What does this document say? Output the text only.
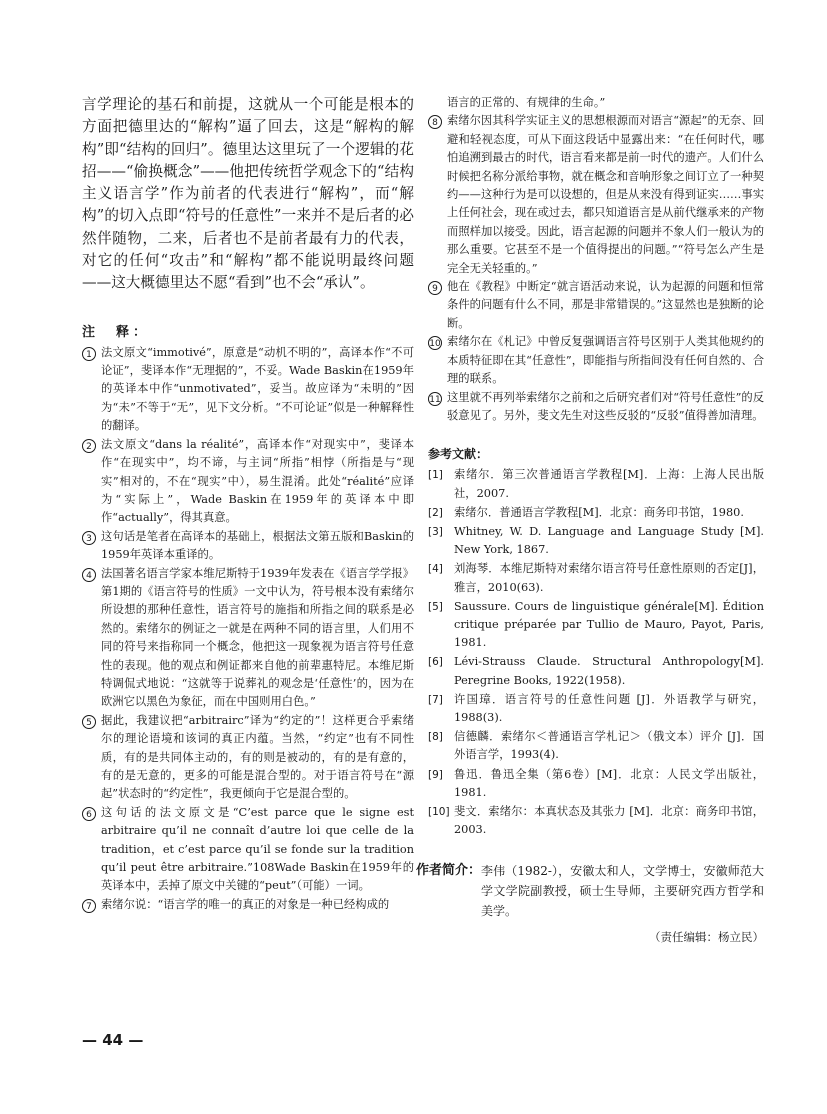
言学理论的基石和前提，这就从一个可能是根本的方面把德里达的“解构”逼了回去，这是“解构的解构”即“结构的回归”。德里达这里玩了一个逻辑的花招——“偷换概念”——他把传统哲学观念下的“结构主义语言学”作为前者的代表进行“解构”，而“解构”的切入点即“符号的任意性”一来并不是后者的必然伴随物，二来，后者也不是前者最有力的代表，对它的任何“攻击”和“解构”都不能说明最终问题——这大概德里达不愿“看到”也不会“承认”。

注　释：

1 法文原文“immotivé”，原意是“动机不明的”，高译本作“不可论证”，斐译本作“无理据的”，不妥。Wade Baskin在1959年的英译本中作“unmotivated”，妥当。故应译为“未明的”因为“未”不等于“无”，见下文分析。“不可论证”似是一种解释性的翻译。

2 法文原文“dans la réalité”，高译本作“对现实中”，斐译本作“在现实中”，均不谛，与主词“所指”相悖（所指是与“现实”相对的，不在“现实”中），易生混淆。此处“réalité”应译为“实际上”，Wade Baskin在1959年的英译本中即作“actually”，得其真意。

3 这句话是笔者在高译本的基础上，根据法文第五版和Baskin的1959年英译本重译的。

4 法国著名语言学家本维尼斯特于1939年发表在《语言学学报》第1期的《语言符号的性质》一文中认为，符号根本没有索绪尔所设想的那种任意性，语言符号的施指和所指之间的联系是必然的。索绪尔的例证之一就是在两种不同的语言里，人们用不同的符号来指称同一个概念，他把这一现象视为语言符号任意性的表现。他的观点和例证都来自他的前辈惠特尼。本维尼斯特调侃式地说：“这就等于说葬礼的观念是‘任意性’的，因为在欧洲它以黑色为象征，而在中国则用白色。”

5 据此，我建议把“arbitrairc”译为“约定的”！这样更合乎索绪尔的理论语境和该词的真正内蕴。当然，“约定”也有不同性质，有的是共同体主动的，有的则是被动的，有的是有意的，有的是无意的，更多的可能是混合型的。对于语言符号在“源起”状态时的“约定性”，我更倾向于它是混合型的。

6 这句话的法文原文是“C’est parce que le signe est arbitraire qu’il ne connaît d’autre loi que celle de la tradition，et c’est parce qu’il se fonde sur la tradition qu’il peut être arbitraire.”108Wade Baskin在1959年的英译本中，丢掉了原文中关键的“peut”（可能）一词。

7 索绪尔说：“语言学的唯一的真正的对象是一种已经构成的

语言的正常的、有规律的生命。”

8 索绪尔因其科学实证主义的思想根源而对语言“源起”的无奈、回避和轻视态度，可从下面这段话中显露出来：“在任何时代，哪怕追溯到最古的时代，语言看来都是前一时代的遗产。人们什么时候把名称分派给事物，就在概念和音响形象之间订立了一种契约——这种行为是可以设想的，但是从来没有得到证实……事实上任何社会，现在或过去，都只知道语言是从前代继承来的产物而照样加以接受。因此，语言起源的问题并不象人们一般认为的那么重要。它甚至不是一个值得提出的问题。”“符号怎么产生是完全无关轻重的。”

9 他在《教程》中断定“就言语活动来说，认为起源的问题和恒常条件的问题有什么不同，那是非常错误的。”这显然也是独断的论断。

10 索绪尔在《札记》中曾反复强调语言符号区别于人类其他规约的本质特征即在其“任意性”，即能指与所指间没有任何自然的、合理的联系。

11 这里就不再列举索绪尔之前和之后研究者们对“符号任意性”的反驳意见了。另外，斐文先生对这些反驳的“反驳”值得善加清理。

参考文献：

[1] 索绪尔．第三次普通语言学教程[M]．上海：上海人民出版社，2007.

[2] 索绪尔．普通语言学教程[M]．北京：商务印书馆，1980.

[3] Whitney, W. D. Language and Language Study [M]. New York, 1867.

[4] 刘海琴．本维尼斯特对索绪尔语言符号任意性原则的否定[J]，雅言，2010(63).

[5] Saussure. Cours de linguistique générale[M]. Édition critique préparée par Tullio de Mauro, Payot, Paris, 1981.

[6] Lévi-Strauss Claude. Structural Anthropology[M]. Peregrine Books, 1922(1958).

[7] 许国璋．语言符号的任意性问题 [J]．外语教学与研究，1988(3).

[8] 信德麟．索绪尔＜普通语言学札记＞（俄文本）评介 [J]．国外语言学，1993(4).

[9] 鲁迅．鲁迅全集（第6卷）[M]．北京：人民文学出版社，1981.

[10] 斐文．索绪尔：本真状态及其张力 [M]．北京：商务印书馆，2003.

作者简介： 李伟（1982-），安徽太和人，文学博士，安徽师范大学文学院副教授，硕士生导师，主要研究西方哲学和美学。
（责任编辑：杨立民）
— 44 —
